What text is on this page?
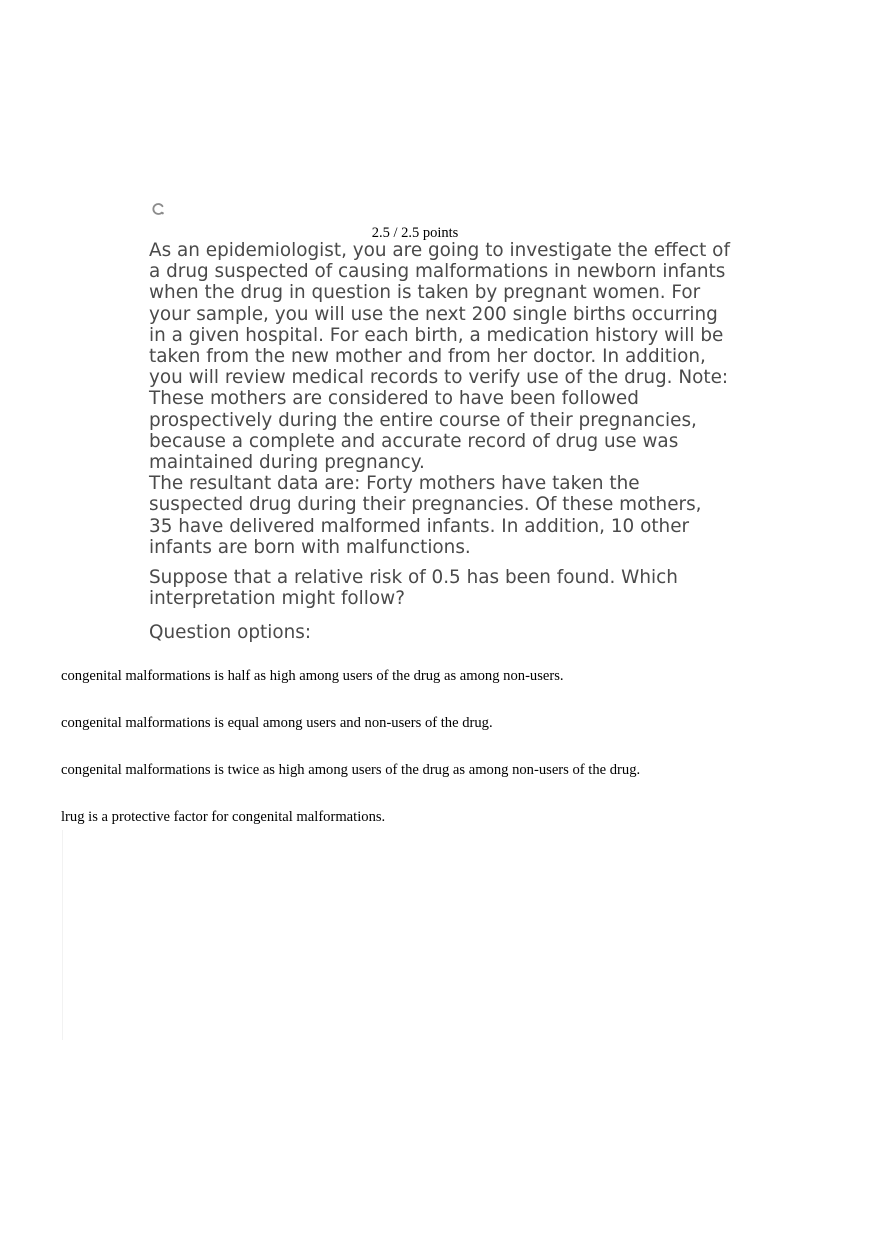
2.5 / 2.5 points

As an epidemiologist, you are going to investigate the effect of

a drug suspected of causing malformations in newborn infants

when the drug in question is taken by pregnant women. For

your sample, you will use the next 200 single births occurring

in a given hospital. For each birth, a medication history will be

taken from the new mother and from her doctor. In addition,

you will review medical records to verify use of the drug. Note:

These mothers are considered to have been followed

prospectively during the entire course of their pregnancies,

because a complete and accurate record of drug use was

maintained during pregnancy.

The resultant data are: Forty mothers have taken the

suspected drug during their pregnancies. Of these mothers,

35 have delivered malformed infants. In addition, 10 other

infants are born with malfunctions.

Suppose that a relative risk of 0.5 has been found. Which

interpretation might follow?

Question options:

congenital malformations is half as high among users of the drug as among non-users.
congenital malformations is equal among users and non-users of the drug.
congenital malformations is twice as high among users of the drug as among non-users of the drug.
lrug is a protective factor for congenital malformations.
